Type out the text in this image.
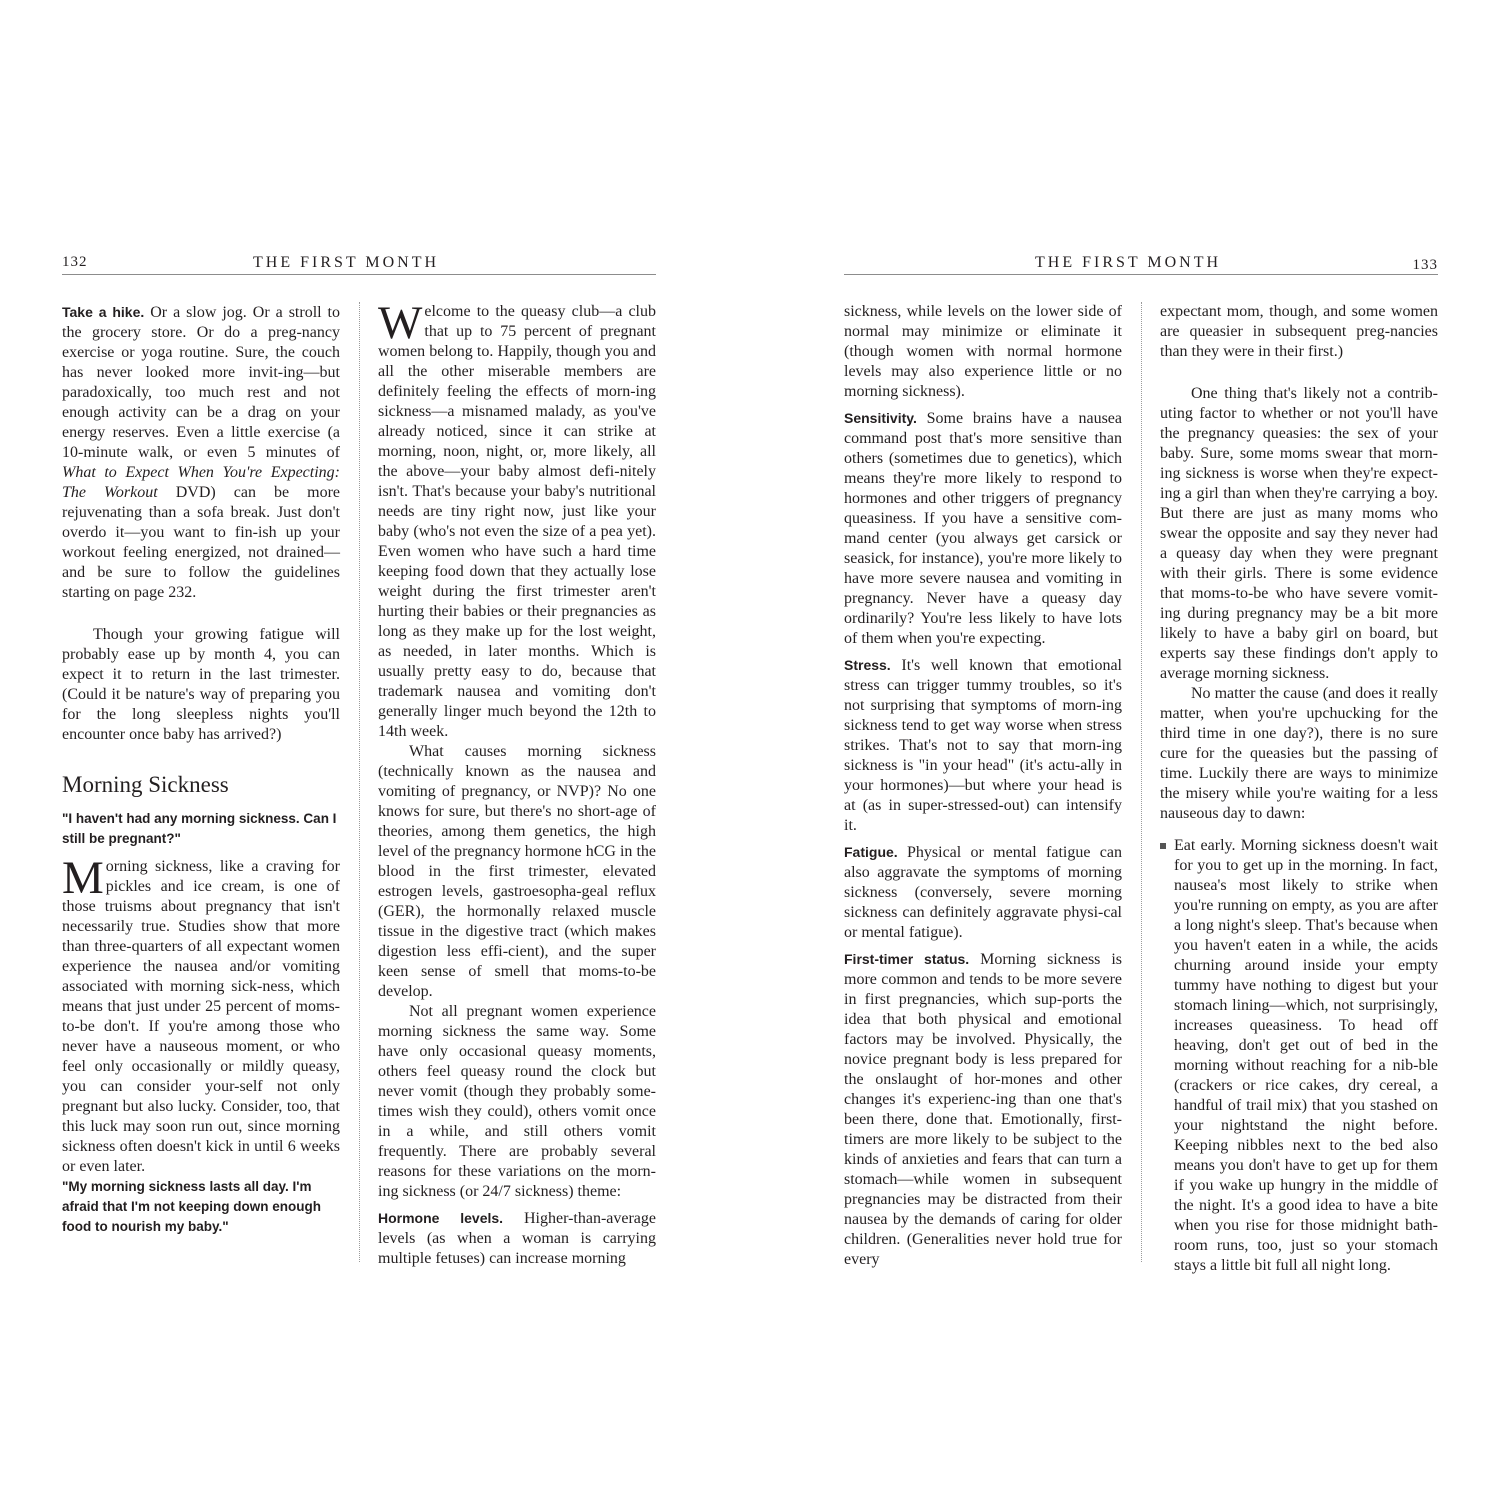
132	THE FIRST MONTH

Take a hike. Or a slow jog. Or a stroll to the grocery store. Or do a preg-nancy exercise or yoga routine. Sure, the couch has never looked more invit-ing—but paradoxically, too much rest and not enough activity can be a drag on your energy reserves. Even a little exercise (a 10-minute walk, or even 5 minutes of What to Expect When You're Expecting: The Workout DVD) can be more rejuvenating than a sofa break. Just don't overdo it—you want to fin-ish up your workout feeling energized, not drained—and be sure to follow the guidelines starting on page 232.

Though your growing fatigue will probably ease up by month 4, you can expect it to return in the last trimester. (Could it be nature's way of preparing you for the long sleepless nights you'll encounter once baby has arrived?)

Morning Sickness

"I haven't had any morning sickness. Can I still be pregnant?"

Morning sickness, like a craving for pickles and ice cream, is one of those truisms about pregnancy that isn't necessarily true. Studies show that more than three-quarters of all expectant women experience the nausea and/or vomiting associated with morning sick-ness, which means that just under 25 percent of moms-to-be don't. If you're among those who never have a nauseous moment, or who feel only occasionally or mildly queasy, you can consider your-self not only pregnant but also lucky. Consider, too, that this luck may soon run out, since morning sickness often doesn't kick in until 6 weeks or even later.

"My morning sickness lasts all day. I'm afraid that I'm not keeping down enough food to nourish my baby."

Welcome to the queasy club—a club that up to 75 percent of pregnant women belong to. Happily, though you and all the other miserable members are definitely feeling the effects of morn-ing sickness—a misnamed malady, as you've already noticed, since it can strike at morning, noon, night, or, more likely, all the above—your baby almost defi-nitely isn't. That's because your baby's nutritional needs are tiny right now, just like your baby (who's not even the size of a pea yet). Even women who have such a hard time keeping food down that they actually lose weight during the first trimester aren't hurting their babies or their pregnancies as long as they make up for the lost weight, as needed, in later months. Which is usually pretty easy to do, because that trademark nausea and vomiting don't generally linger much beyond the 12th to 14th week.

What causes morning sickness (technically known as the nausea and vomiting of pregnancy, or NVP)? No one knows for sure, but there's no short-age of theories, among them genetics, the high level of the pregnancy hormone hCG in the blood in the first trimester, elevated estrogen levels, gastroesopha-geal reflux (GER), the hormonally relaxed muscle tissue in the digestive tract (which makes digestion less effi-cient), and the super keen sense of smell that moms-to-be develop.

Not all pregnant women experience morning sickness the same way. Some have only occasional queasy moments, others feel queasy round the clock but never vomit (though they probably some-times wish they could), others vomit once in a while, and still others vomit frequently. There are probably several reasons for these variations on the morn-ing sickness (or 24/7 sickness) theme:

Hormone levels. Higher-than-average levels (as when a woman is carrying multiple fetuses) can increase morning

THE FIRST MONTH	133

sickness, while levels on the lower side of normal may minimize or eliminate it (though women with normal hormone levels may also experience little or no morning sickness).

Sensitivity. Some brains have a nausea command post that's more sensitive than others (sometimes due to genetics), which means they're more likely to respond to hormones and other triggers of pregnancy queasiness. If you have a sensitive com-mand center (you always get carsick or seasick, for instance), you're more likely to have more severe nausea and vomiting in pregnancy. Never have a queasy day ordinarily? You're less likely to have lots of them when you're expecting.

Stress. It's well known that emotional stress can trigger tummy troubles, so it's not surprising that symptoms of morn-ing sickness tend to get way worse when stress strikes. That's not to say that morn-ing sickness is "in your head" (it's actu-ally in your hormones)—but where your head is at (as in super-stressed-out) can intensify it.

Fatigue. Physical or mental fatigue can also aggravate the symptoms of morning sickness (conversely, severe morning sickness can definitely aggravate physi-cal or mental fatigue).

First-timer status. Morning sickness is more common and tends to be more severe in first pregnancies, which sup-ports the idea that both physical and emotional factors may be involved. Physically, the novice pregnant body is less prepared for the onslaught of hor-mones and other changes it's experienc-ing than one that's been there, done that. Emotionally, first-timers are more likely to be subject to the kinds of anxieties and fears that can turn a stomach—while women in subsequent pregnancies may be distracted from their nausea by the demands of caring for older children. (Generalities never hold true for every

expectant mom, though, and some women are queasier in subsequent preg-nancies than they were in their first.)

One thing that's likely not a contrib-uting factor to whether or not you'll have the pregnancy queasies: the sex of your baby. Sure, some moms swear that morn-ing sickness is worse when they're expect-ing a girl than when they're carrying a boy. But there are just as many moms who swear the opposite and say they never had a queasy day when they were pregnant with their girls. There is some evidence that moms-to-be who have severe vomit-ing during pregnancy may be a bit more likely to have a baby girl on board, but experts say these findings don't apply to average morning sickness.

No matter the cause (and does it really matter, when you're upchucking for the third time in one day?), there is no sure cure for the queasies but the passing of time. Luckily there are ways to minimize the misery while you're waiting for a less nauseous day to dawn:

Eat early. Morning sickness doesn't wait for you to get up in the morning. In fact, nausea's most likely to strike when you're running on empty, as you are after a long night's sleep. That's because when you haven't eaten in a while, the acids churning around inside your empty tummy have nothing to digest but your stomach lining—which, not surprisingly, increases queasiness. To head off heaving, don't get out of bed in the morning without reaching for a nib-ble (crackers or rice cakes, dry cereal, a handful of trail mix) that you stashed on your nightstand the night before. Keeping nibbles next to the bed also means you don't have to get up for them if you wake up hungry in the middle of the night. It's a good idea to have a bite when you rise for those midnight bath-room runs, too, just so your stomach stays a little bit full all night long.
